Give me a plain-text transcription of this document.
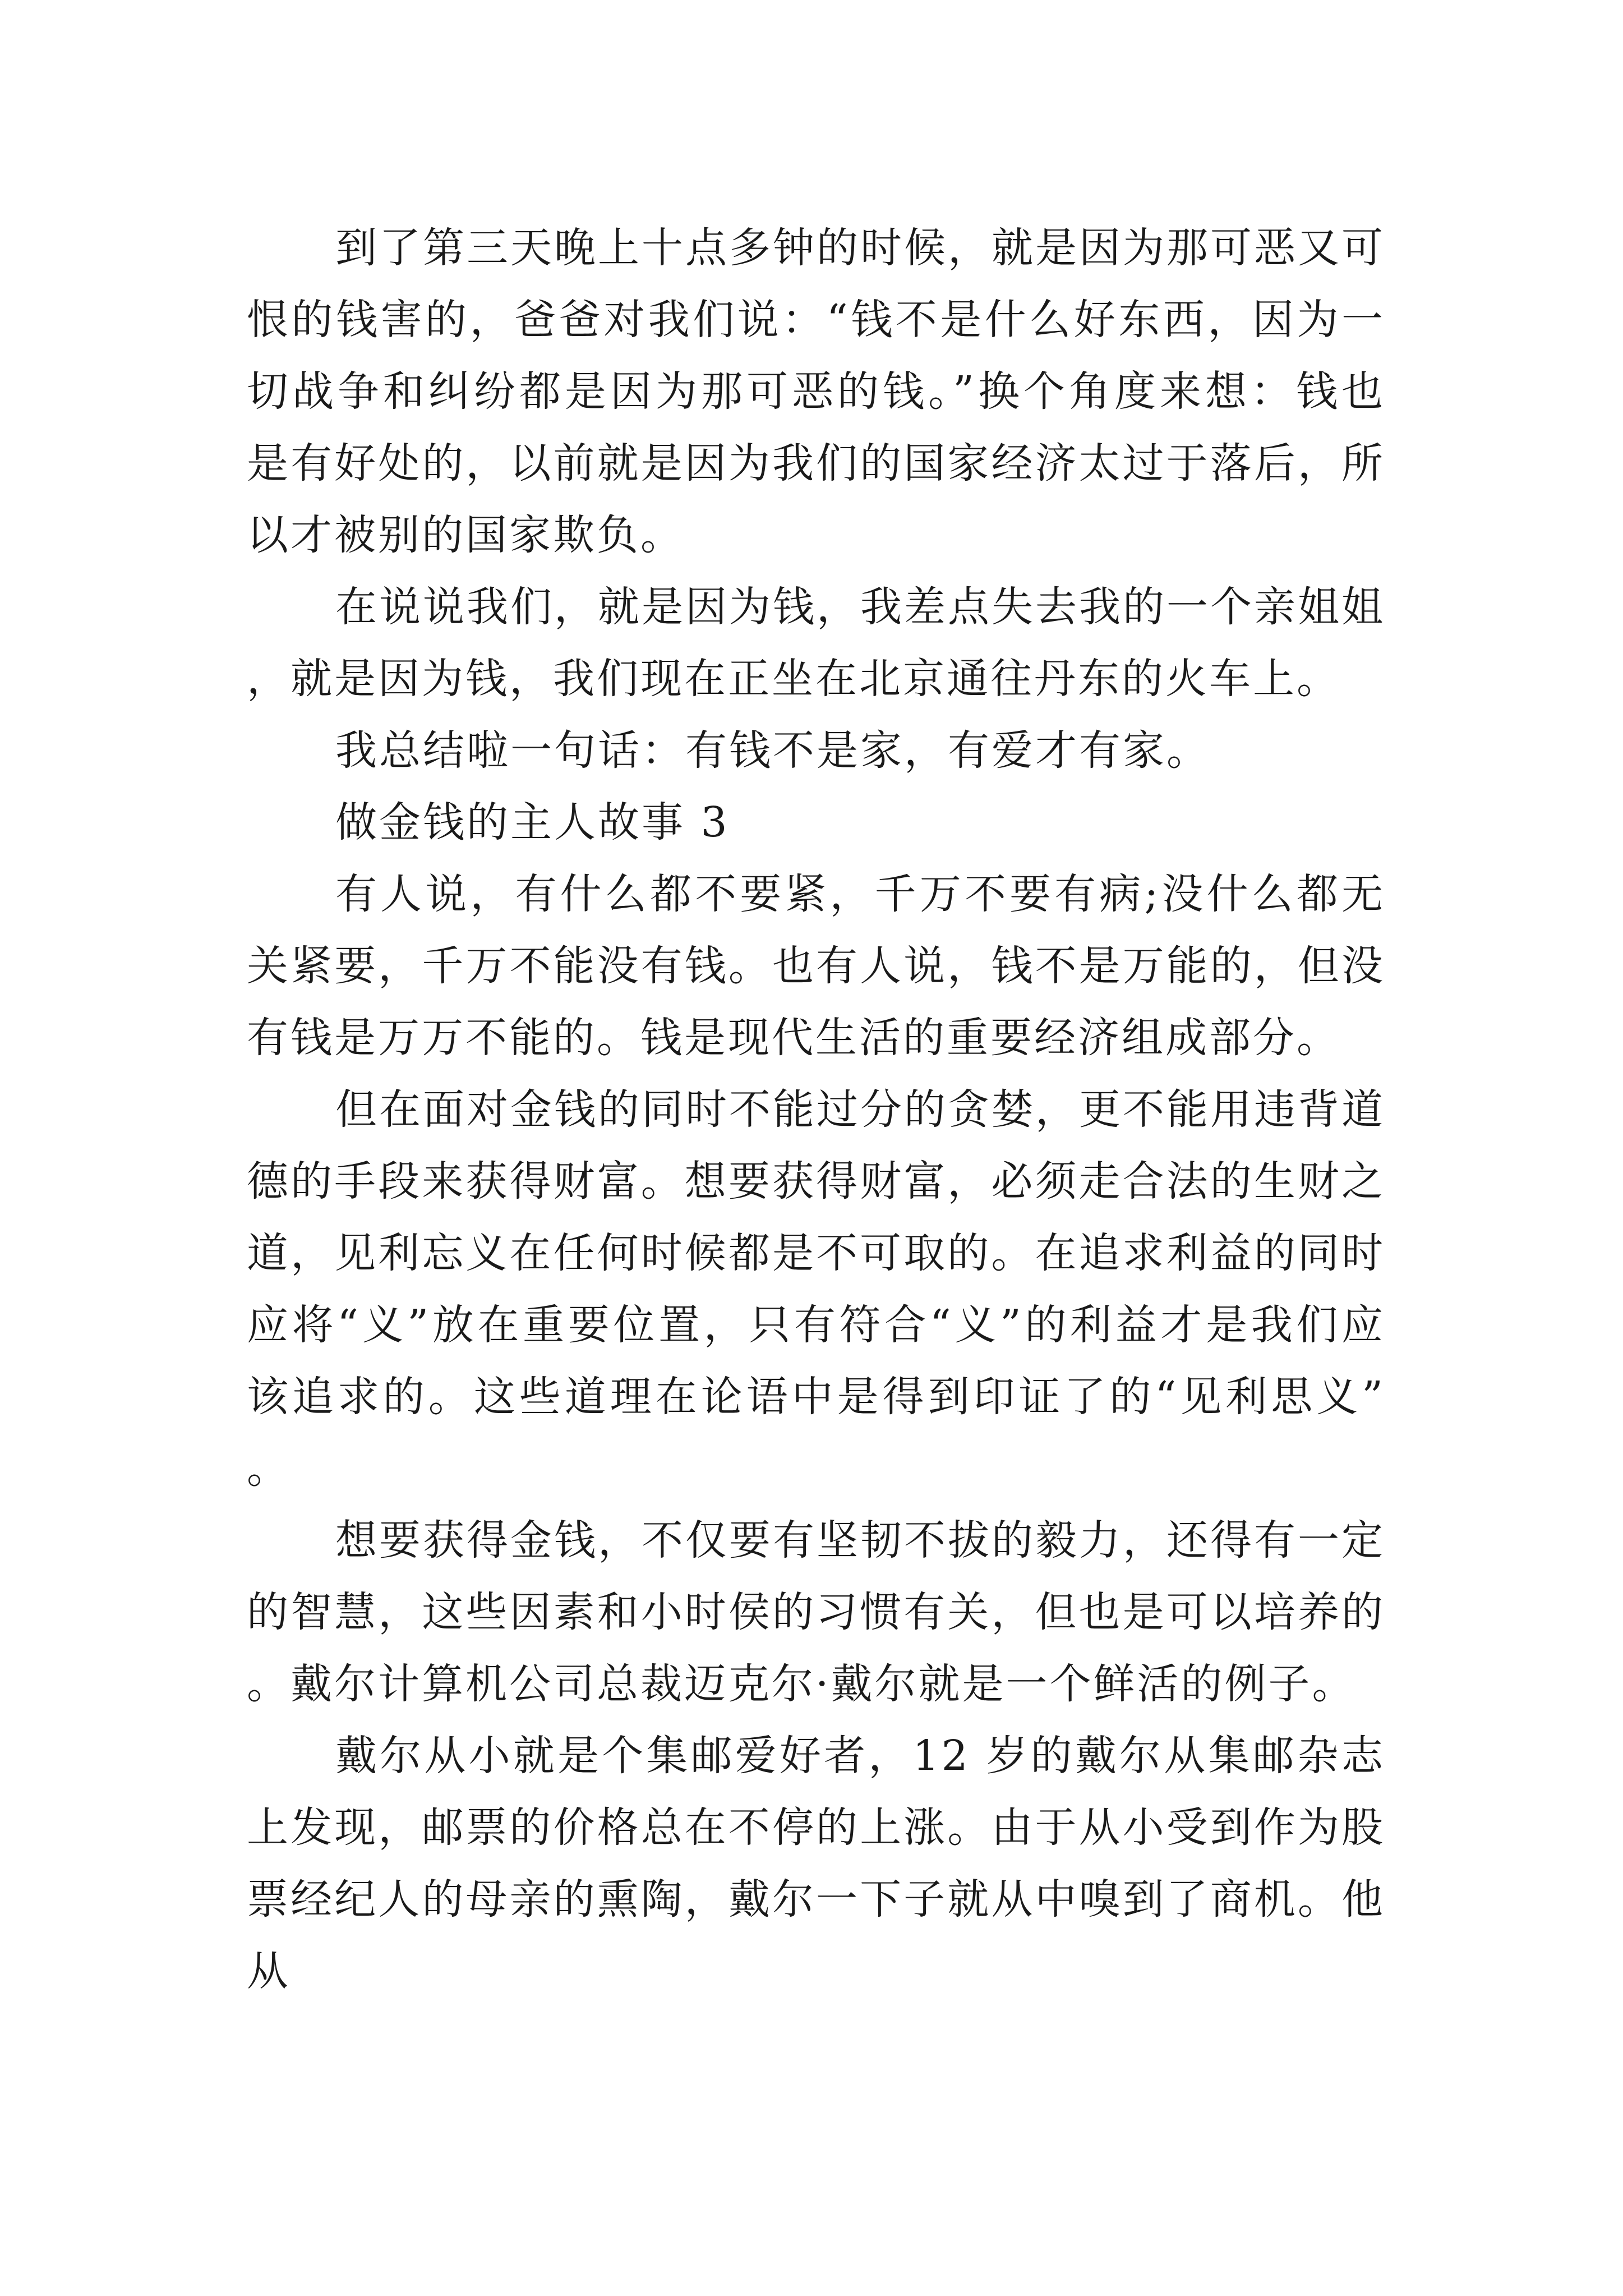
到了第三天晚上十点多钟的时候，就是因为那可恶又可恨的钱害的，爸爸对我们说：“钱不是什么好东西，因为一切战争和纠纷都是因为那可恶的钱。”换个角度来想：钱也是有好处的，以前就是因为我们的国家经济太过于落后，所以才被别的国家欺负。

在说说我们，就是因为钱，我差点失去我的一个亲姐姐，就是因为钱，我们现在正坐在北京通往丹东的火车上。

我总结啦一句话：有钱不是家，有爱才有家。

做金钱的主人故事 3

有人说，有什么都不要紧，千万不要有病;没什么都无关紧要，千万不能没有钱。也有人说，钱不是万能的，但没有钱是万万不能的。钱是现代生活的重要经济组成部分。

但在面对金钱的同时不能过分的贪婪，更不能用违背道德的手段来获得财富。想要获得财富，必须走合法的生财之道，见利忘义在任何时候都是不可取的。在追求利益的同时应将“义”放在重要位置，只有符合“义”的利益才是我们应该追求的。这些道理在论语中是得到印证了的“见利思义”。

想要获得金钱，不仅要有坚韧不拔的毅力，还得有一定的智慧，这些因素和小时侯的习惯有关，但也是可以培养的。戴尔计算机公司总裁迈克尔·戴尔就是一个鲜活的例子。

戴尔从小就是个集邮爱好者，12 岁的戴尔从集邮杂志上发现，邮票的价格总在不停的上涨。由于从小受到作为股票经纪人的母亲的熏陶，戴尔一下子就从中嗅到了商机。他从
